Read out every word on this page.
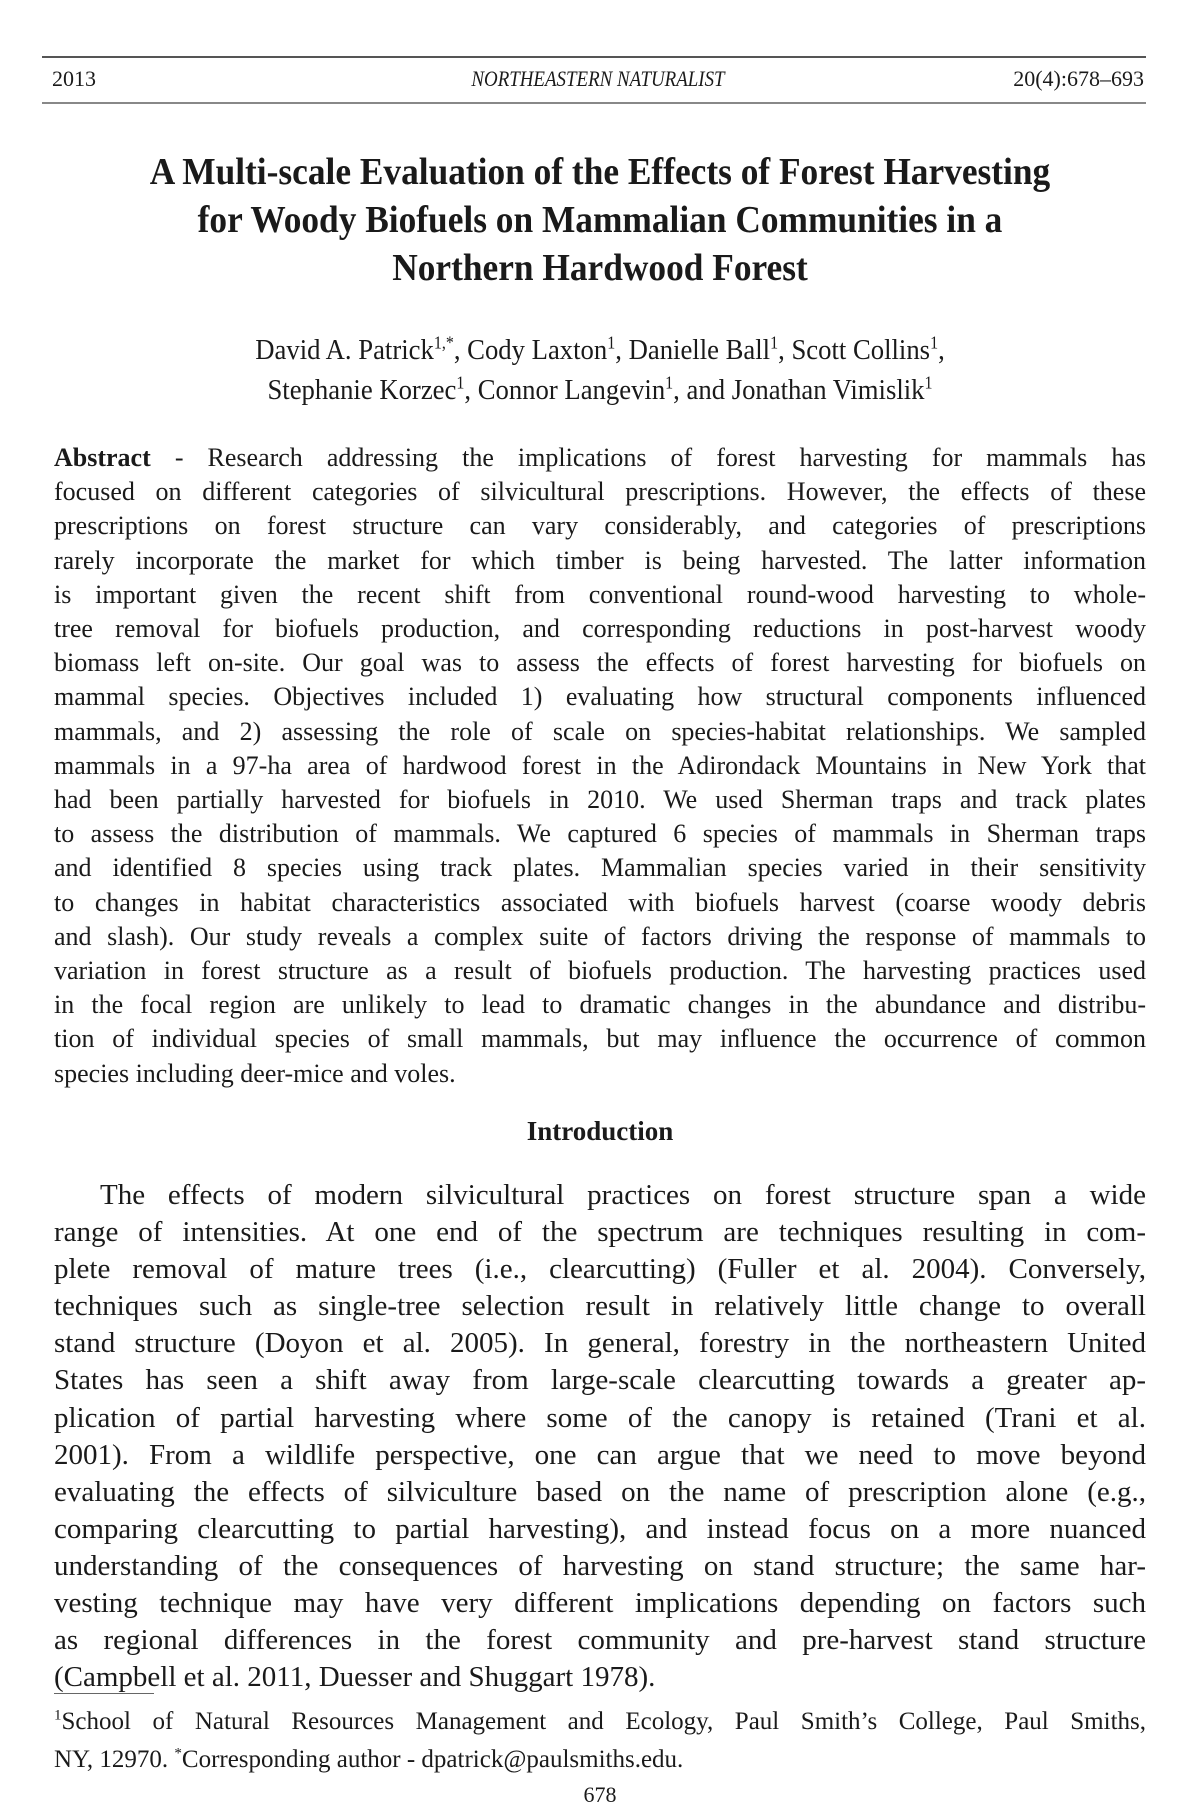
2013	NORTHEASTERN NATURALIST	20(4):678–693
A Multi-scale Evaluation of the Effects of Forest Harvesting
for Woody Biofuels on Mammalian Communities in a
Northern Hardwood Forest
David A. Patrick$^{1,*}$, Cody Laxton$^1$, Danielle Ball$^1$, Scott Collins$^1$,
Stephanie Korzec$^1$, Connor Langevin$^1$, and Jonathan Vimislik$^1$
Abstract - Research addressing the implications of forest harvesting for mammals has
focused on different categories of silvicultural prescriptions. However, the effects of these
prescriptions on forest structure can vary considerably, and categories of prescriptions
rarely incorporate the market for which timber is being harvested. The latter information
is important given the recent shift from conventional round-wood harvesting to whole-
tree removal for biofuels production, and corresponding reductions in post-harvest woody
biomass left on-site. Our goal was to assess the effects of forest harvesting for biofuels on
mammal species. Objectives included 1) evaluating how structural components influenced
mammals, and 2) assessing the role of scale on species-habitat relationships. We sampled
mammals in a 97-ha area of hardwood forest in the Adirondack Mountains in New York that
had been partially harvested for biofuels in 2010. We used Sherman traps and track plates
to assess the distribution of mammals. We captured 6 species of mammals in Sherman traps
and identified 8 species using track plates. Mammalian species varied in their sensitivity
to changes in habitat characteristics associated with biofuels harvest (coarse woody debris
and slash). Our study reveals a complex suite of factors driving the response of mammals to
variation in forest structure as a result of biofuels production. The harvesting practices used
in the focal region are unlikely to lead to dramatic changes in the abundance and distribu-
tion of individual species of small mammals, but may influence the occurrence of common
species including deer-mice and voles.
Introduction
The effects of modern silvicultural practices on forest structure span a wide
range of intensities. At one end of the spectrum are techniques resulting in com-
plete removal of mature trees (i.e., clearcutting) (Fuller et al. 2004). Conversely,
techniques such as single-tree selection result in relatively little change to overall
stand structure (Doyon et al. 2005). In general, forestry in the northeastern United
States has seen a shift away from large-scale clearcutting towards a greater ap-
plication of partial harvesting where some of the canopy is retained (Trani et al.
2001). From a wildlife perspective, one can argue that we need to move beyond
evaluating the effects of silviculture based on the name of prescription alone (e.g.,
comparing clearcutting to partial harvesting), and instead focus on a more nuanced
understanding of the consequences of harvesting on stand structure; the same har-
vesting technique may have very different implications depending on factors such
as regional differences in the forest community and pre-harvest stand structure
(Campbell et al. 2011, Duesser and Shuggart 1978).
$^1$School of Natural Resources Management and Ecology, Paul Smith’s College, Paul Smiths,
NY, 12970. *Corresponding author - dpatrick@paulsmiths.edu.
678
